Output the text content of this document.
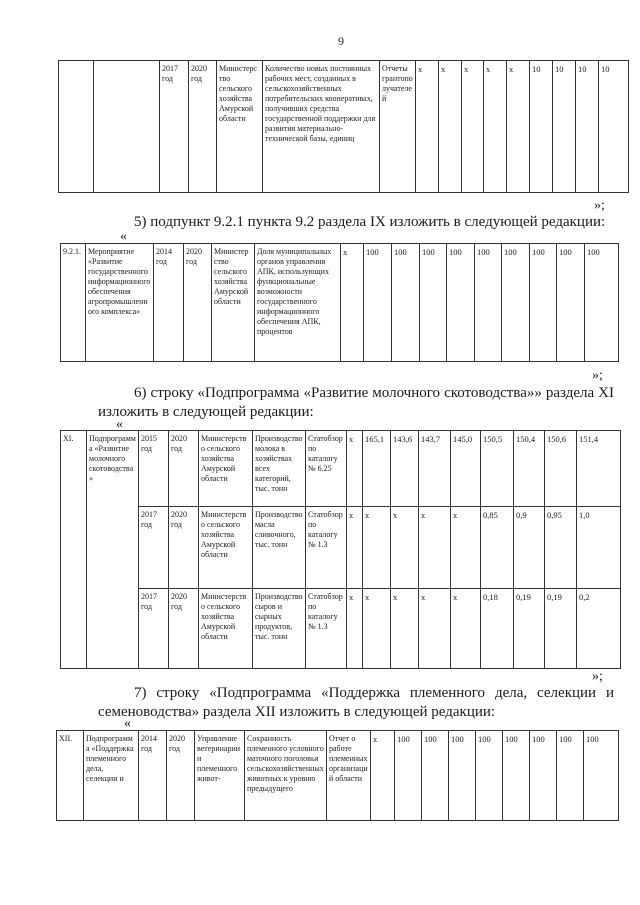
9
		2017 год	2020 год	Министерство сельского хозяйства Амурской области	Количество новых постоянных рабочих мест, созданных в сельскохозяйственных потребительских кооперативах, получивших средства государственной поддержки для развития материально-технической базы, единиц	Отчеты грантополучателей	x	x	x	x	x	10	10	10	10
»;

5) подпункт 9.2.1 пункта 9.2 раздела IX изложить в следующей редакции:

«
9.2.1.	Мероприятие «Развитие государственного информационного обеспечения агропромышленного комплекса»	2014 год	2020 год	Министерство сельского хозяйства Амурской области	Доля муниципальных органов управления АПК, использующих функциональные возможности государственного информационного обеспечения АПК, процентов	x	100	100	100	100	100	100	100	100	100
»;

6) строку «Подпрограмма «Развитие молочного скотоводства»» раздела XI изложить в следующей редакции:

«
XI.	Подпрограмма «Развитие молочного скотоводства»	2015 год	2020 год	Министерство сельского хозяйства Амурской области	Производство молока в хозяйствах всех категорий, тыс. тонн	Статобзор по каталогу № 6.25	x	165,1	143,6	143,7	145,0	150,5	150,4	150,6	151,4
		2017 год	2020 год	Министерство сельского хозяйства Амурской области	Производство масла сливочного, тыс. тонн	Статобзор по каталогу № 1.3	x	x	x	x	x	0,85	0,9	0,95	1,0
		2017 год	2020 год	Министерство сельского хозяйства Амурской области	Производство сыров и сырных продуктов, тыс. тонн	Статобзор по каталогу № 1.3	x	x	x	x	x	0,18	0,19	0,19	0,2
»;

7) строку «Подпрограмма «Поддержка племенного дела, селекции и семеноводства» раздела XII изложить в следующей редакции:

«
XII.	Подпрограмма «Поддержка племенного дела, селекции и	2014 год	2020 год	Управление ветеринарии и племенного живот-	Сохранность племенного условного маточного поголовья сельскохозяйственных животных к уровню предыдущего	Отчет о работе племенных организаций области	x	100	100	100	100	100	100	100	100
